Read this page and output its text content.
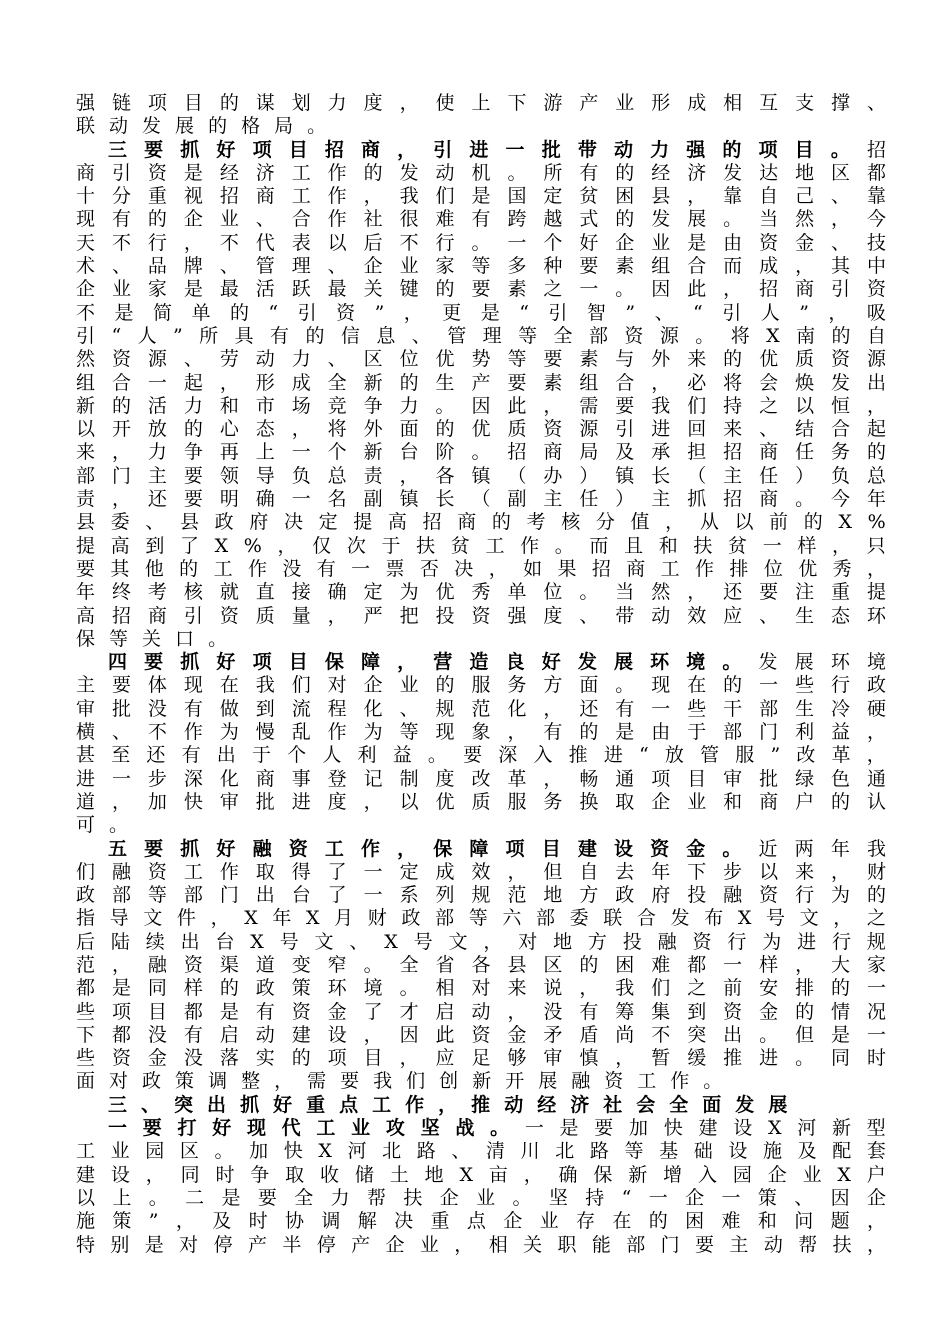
强 链 项 目 的 谋 划 力 度 ， 使 上 下 游 产 业 形 成 相 互 支 撑 、
联 动 发 展 的 格 局 。
三 要 抓 好 项 目 招 商 ， 引 进 一 批 带 动 力 强 的 项 目 。 招
商 引 资 是 经 济 工 作 的 发 动 机 。 所 有 的 经 济 发 达 地 区 都
十 分 重 视 招 商 工 作 ， 我 们 是 国 定 贫 困 县 ， 靠 自 己 、 靠
现 有 的 企 业 、 合 作 社 很 难 有 跨 越 式 的 发 展 。 当 然 ， 今
天 不 行 ， 不 代 表 以 后 不 行 。 一 个 好 企 业 是 由 资 金 、 技
术 、 品 牌 、 管 理 、 企 业 家 等 多 种 要 素 组 合 而 成 ， 其 中
企 业 家 是 最 活 跃 最 关 键 的 要 素 之 一 。 因 此 ， 招 商 引 资
不 是 简 单 的 “ 引 资 ” ， 更 是 “ 引 智 ” 、 “ 引 人 ” ， 吸
引 “ 人 ” 所 具 有 的 信 息 、 管 理 等 全 部 资 源 。 将 X 南 的 自
然 资 源 、 劳 动 力 、 区 位 优 势 等 要 素 与 外 来 的 优 质 资 源
组 合 一 起 ， 形 成 全 新 的 生 产 要 素 组 合 ， 必 将 会 焕 发 出
新 的 活 力 和 市 场 竞 争 力 。 因 此 ， 需 要 我 们 持 之 以 恒 ，
以 开 放 的 心 态 ， 将 外 面 的 优 质 资 源 引 进 回 来 、 结 合 起
来 ， 力 争 再 上 一 个 新 台 阶 。 招 商 局 及 承 担 招 商 任 务 的
部 门 主 要 领 导 负 总 责 ， 各 镇 （ 办 ） 镇 长 （ 主 任 ） 负 总
责 ， 还 要 明 确 一 名 副 镇 长 （ 副 主 任 ） 主 抓 招 商 。 今 年
县 委 、 县 政 府 决 定 提 高 招 商 的 考 核 分 值 ， 从 以 前 的 X %
提 高 到 了 X % ， 仅 次 于 扶 贫 工 作 。 而 且 和 扶 贫 一 样 ， 只
要 其 他 的 工 作 没 有 一 票 否 决 ， 如 果 招 商 工 作 排 位 优 秀 ，
年 终 考 核 就 直 接 确 定 为 优 秀 单 位 。 当 然 ， 还 要 注 重 提
高 招 商 引 资 质 量 ， 严 把 投 资 强 度 、 带 动 效 应 、 生 态 环
保 等 关 口 。
四 要 抓 好 项 目 保 障 ， 营 造 良 好 发 展 环 境 。 发 展 环 境
主 要 体 现 在 我 们 对 企 业 的 服 务 方 面 。 现 在 的 一 些 行 政
审 批 没 有 做 到 流 程 化 、 规 范 化 ， 还 有 一 些 干 部 生 冷 硬
横 、 不 作 为 慢 乱 作 为 等 现 象 ， 有 的 是 由 于 部 门 利 益 ，
甚 至 还 有 出 于 个 人 利 益 。 要 深 入 推 进 “ 放 管 服 ” 改 革 ，
进 一 步 深 化 商 事 登 记 制 度 改 革 ， 畅 通 项 目 审 批 绿 色 通
道 ， 加 快 审 批 进 度 ， 以 优 质 服 务 换 取 企 业 和 商 户 的 认
可 。
五 要 抓 好 融 资 工 作 ， 保 障 项 目 建 设 资 金 。 近 两 年 我
们 融 资 工 作 取 得 了 一 定 成 效 ， 但 自 去 年 下 步 以 来 ， 财
政 部 等 部 门 出 台 了 一 系 列 规 范 地 方 政 府 投 融 资 行 为 的
指 导 文 件 ， X 年 X 月 财 政 部 等 六 部 委 联 合 发 布 X 号 文 ， 之
后 陆 续 出 台 X 号 文 、 X 号 文 ， 对 地 方 投 融 资 行 为 进 行 规
范 ， 融 资 渠 道 变 窄 。 全 省 各 县 区 的 困 难 都 一 样 ， 大 家
都 是 同 样 的 政 策 环 境 。 相 对 来 说 ， 我 们 之 前 安 排 的 一
些 项 目 都 是 有 资 金 了 才 启 动 ， 没 有 筹 集 到 资 金 的 情 况
下 都 没 有 启 动 建 设 ， 因 此 资 金 矛 盾 尚 不 突 出 。 但 是 一
些 资 金 没 落 实 的 项 目 ， 应 足 够 审 慎 ， 暂 缓 推 进 。 同 时
面 对 政 策 调 整 ， 需 要 我 们 创 新 开 展 融 资 工 作 。
三 、 突 出 抓 好 重 点 工 作 ， 推 动 经 济 社 会 全 面 发 展
一 要 打 好 现 代 工 业 攻 坚 战 。 一 是 要 加 快 建 设 X 河 新 型
工 业 园 区 。 加 快 X 河 北 路 、 清 川 北 路 等 基 础 设 施 及 配 套
建 设 ， 同 时 争 取 收 储 土 地 X 亩 ， 确 保 新 增 入 园 企 业 X 户
以 上 。 二 是 要 全 力 帮 扶 企 业 。 坚 持 “ 一 企 一 策 、 因 企
施 策 ” ， 及 时 协 调 解 决 重 点 企 业 存 在 的 困 难 和 问 题 ，
特 别 是 对 停 产 半 停 产 企 业 ， 相 关 职 能 部 门 要 主 动 帮 扶 ，
